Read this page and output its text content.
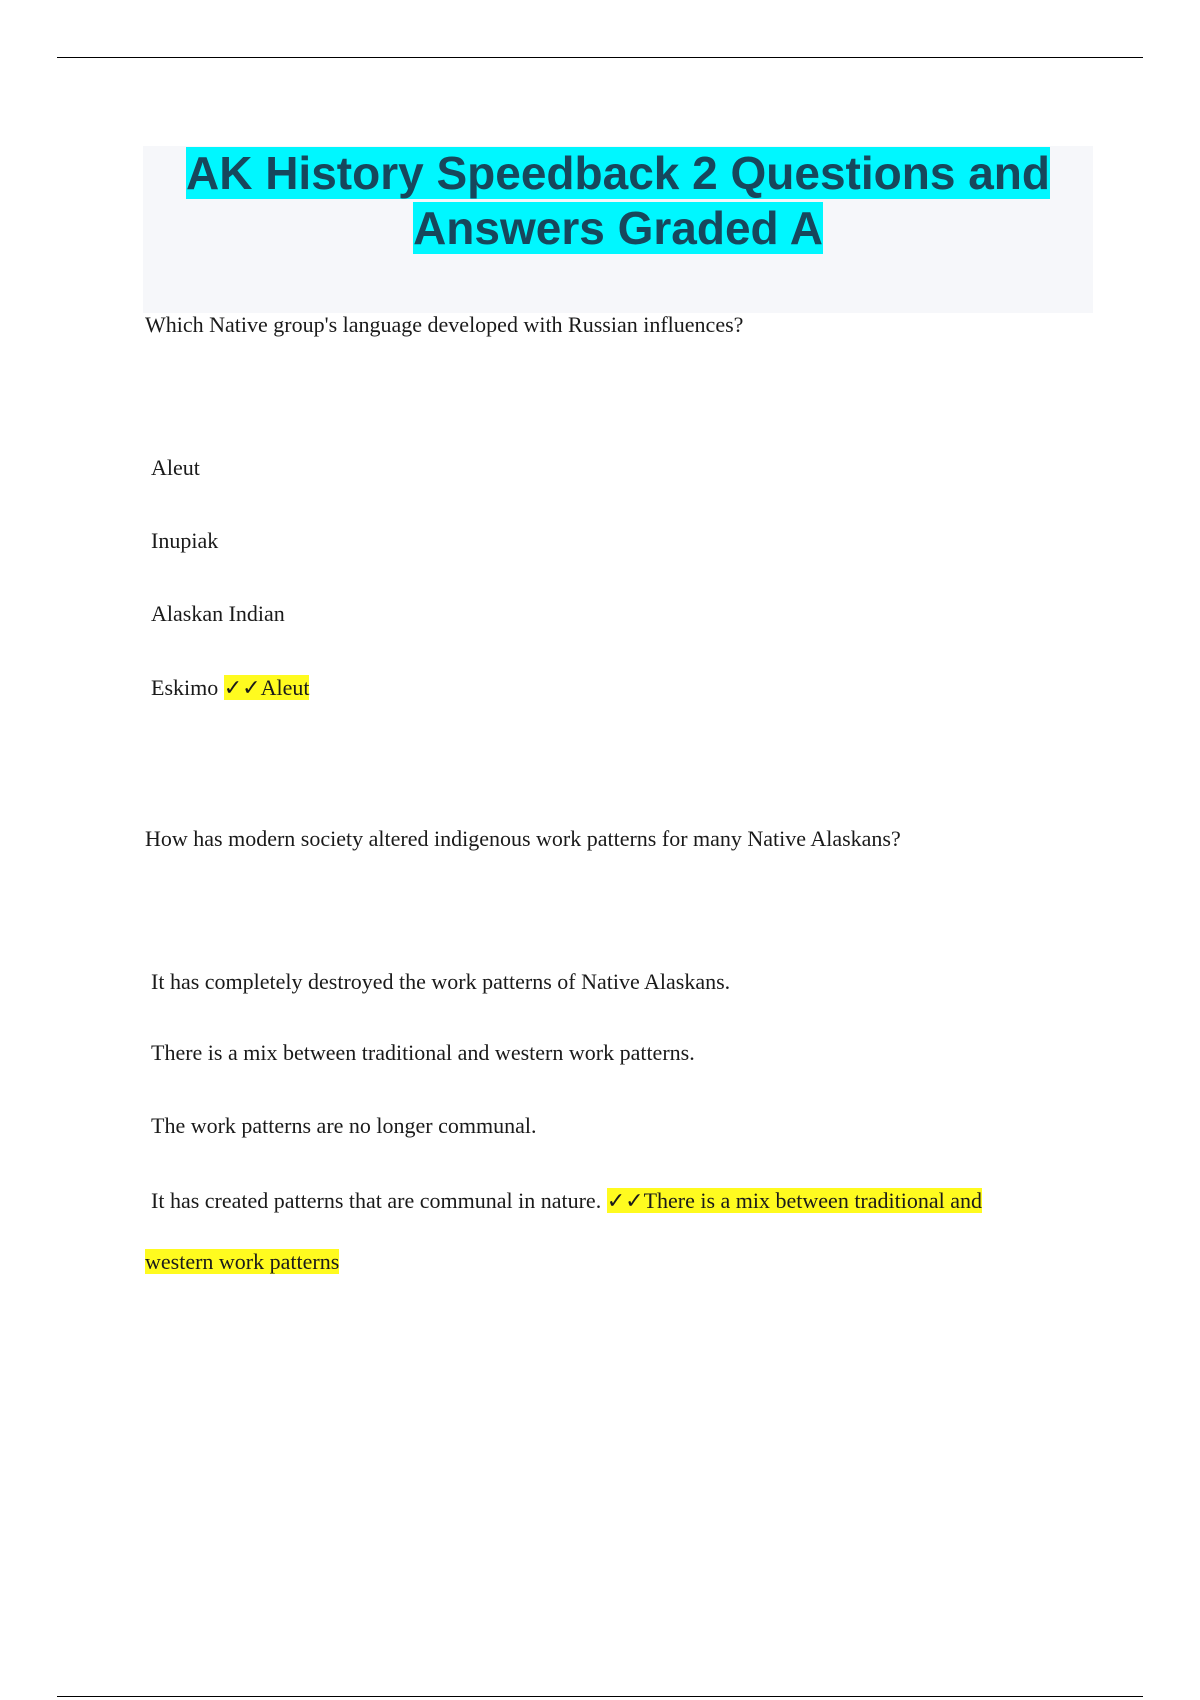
AK History Speedback 2 Questions and
Answers Graded A

Which Native group's language developed with Russian influences?

Aleut

Inupiak

Alaskan Indian

Eskimo ✓✓Aleut

How has modern society altered indigenous work patterns for many Native Alaskans?

It has completely destroyed the work patterns of Native Alaskans.

There is a mix between traditional and western work patterns.

The work patterns are no longer communal.

It has created patterns that are communal in nature. ✓✓There is a mix between traditional and

western work patterns
